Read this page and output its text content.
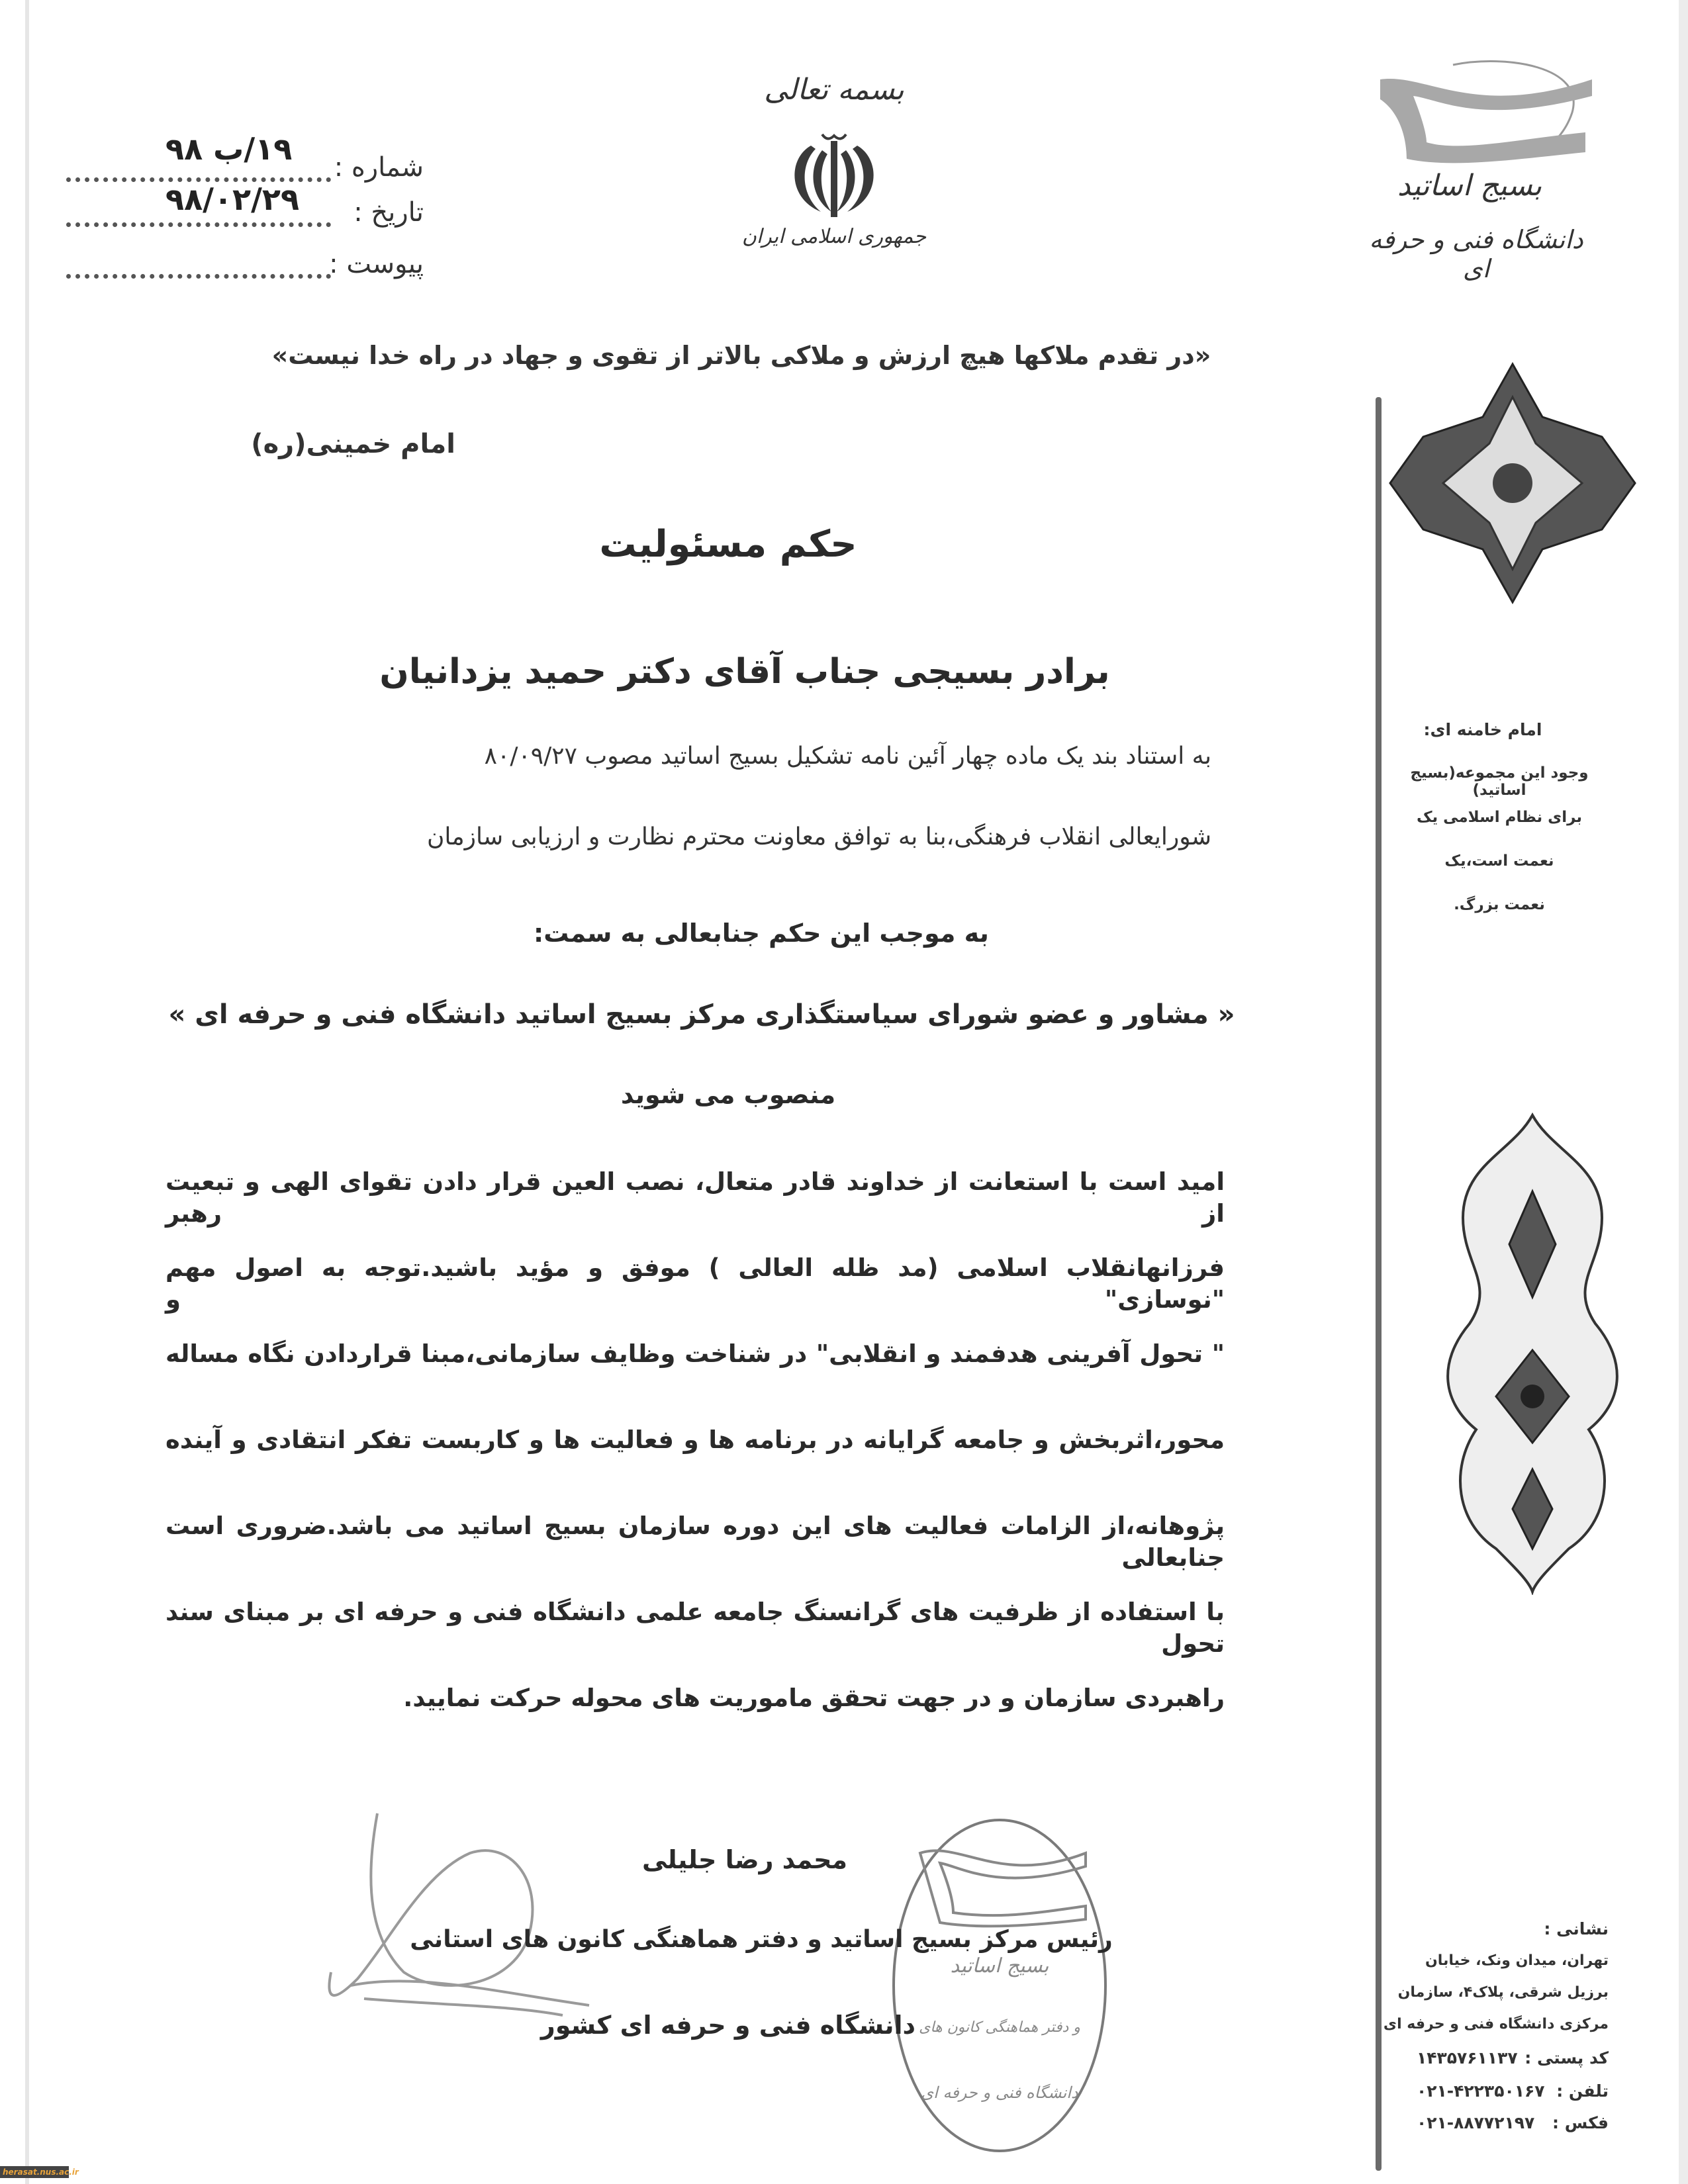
بسمه تعالی
جمهوری اسلامی ایران
۱۹/ب ۹۸
شماره :
۹۸/۰۲/۲۹ تاریخ :
پیوست :
بسیج اساتید
دانشگاه فنی و حرفه ای
«در تقدم ملاکها هیچ ارزش و ملاکی بالاتر از تقوی و جهاد در راه خدا نیست»
امام خمینی(ره)
حکم مسئولیت
برادر بسیجی جناب آقای دکتر حمید یزدانیان
به استناد بند یک ماده چهار آئین نامه تشکیل بسیج اساتید مصوب ۸۰/۰۹/۲۷
شورایعالی انقلاب فرهنگی،بنا به توافق معاونت محترم نظارت و ارزیابی سازمان
به موجب این حکم جنابعالی به سمت:
« مشاور و عضو شورای سیاستگذاری مرکز بسیج اساتید دانشگاه فنی و حرفه ای »
منصوب می شوید
امید است با استعانت از خداوند قادر متعال، نصب العین قرار دادن تقوای الهی و تبعیت از رهبر
فرزانهانقلاب اسلامی (مد ظله العالی ) موفق و مؤید باشید.توجه به اصول مهم "نوسازی" و
" تحول آفرینی هدفمند و انقلابی" در شناخت وظایف سازمانی،مبنا قراردادن نگاه مساله
محور،اثربخش و جامعه گرایانه در برنامه ها و فعالیت ها و کاربست تفکر انتقادی و آینده
پژوهانه،از الزامات فعالیت های این دوره سازمان بسیج اساتید می باشد.ضروری است جنابعالی
با استفاده از ظرفیت های گرانسنگ جامعه علمی دانشگاه فنی و حرفه ای بر مبنای سند تحول
راهبردی سازمان و در جهت تحقق ماموریت های محوله حرکت نمایید.
بسیج اساتید
و دفتر هماهنگی کانون های
دانشگاه فنی و حرفه ای
محمد رضا جلیلی
رئیس مرکز بسیج اساتید و دفتر هماهنگی کانون های استانی
دانشگاه فنی و حرفه ای کشور
امام خامنه ای:
وجود این مجموعه(بسیج اساتید)
برای نظام اسلامی یک
نعمت است،یک
نعمت بزرگ.
نشانی :
تهران، میدان ونک، خیابان
برزیل شرقی، پلاک۴، سازمان
مرکزی دانشگاه فنی و حرفه ای
کد پستی :
۱۴۳۵۷۶۱۱۳۷
تلفن :
۰۲۱-۴۲۲۳۵۰۱۶۷
فکس :
۰۲۱-۸۸۷۷۲۱۹۷
herasat.nus.ac.ir
